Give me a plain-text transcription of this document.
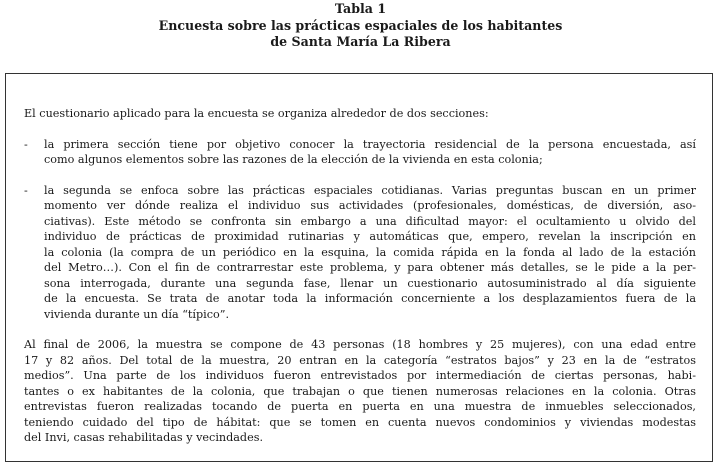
Tabla 1
Encuesta sobre las prácticas espaciales de los habitantes
de Santa María La Ribera

El cuestionario aplicado para la encuesta se organiza alrededor de dos secciones:

- la primera sección tiene por objetivo conocer la trayectoria residencial de la persona encuestada, así
como algunos elementos sobre las razones de la elección de la vivienda en esta colonia;
- la segunda se enfoca sobre las prácticas espaciales cotidianas. Varias preguntas buscan en un primer
momento ver dónde realiza el individuo sus actividades (profesionales, domésticas, de diversión, aso-
ciativas). Este método se confronta sin embargo a una dificultad mayor: el ocultamiento u olvido del
individuo de prácticas de proximidad rutinarias y automáticas que, empero, revelan la inscripción en
la colonia (la compra de un periódico en la esquina, la comida rápida en la fonda al lado de la estación
del Metro…). Con el fin de contrarrestar este problema, y para obtener más detalles, se le pide a la per-
sona interrogada, durante una segunda fase, llenar un cuestionario autosuministrado al día siguiente
de la encuesta. Se trata de anotar toda la información concerniente a los desplazamientos fuera de la
vivienda durante un día “típico”.
Al final de 2006, la muestra se compone de 43 personas (18 hombres y 25 mujeres), con una edad entre
17 y 82 años. Del total de la muestra, 20 entran en la categoría “estratos bajos” y 23 en la de “estratos
medios”. Una parte de los individuos fueron entrevistados por intermediación de ciertas personas, habi-
tantes o ex habitantes de la colonia, que trabajan o que tienen numerosas relaciones en la colonia. Otras
entrevistas fueron realizadas tocando de puerta en puerta en una muestra de inmuebles seleccionados,
teniendo cuidado del tipo de hábitat: que se tomen en cuenta nuevos condominios y viviendas modestas
del Invi, casas rehabilitadas y vecindades.
